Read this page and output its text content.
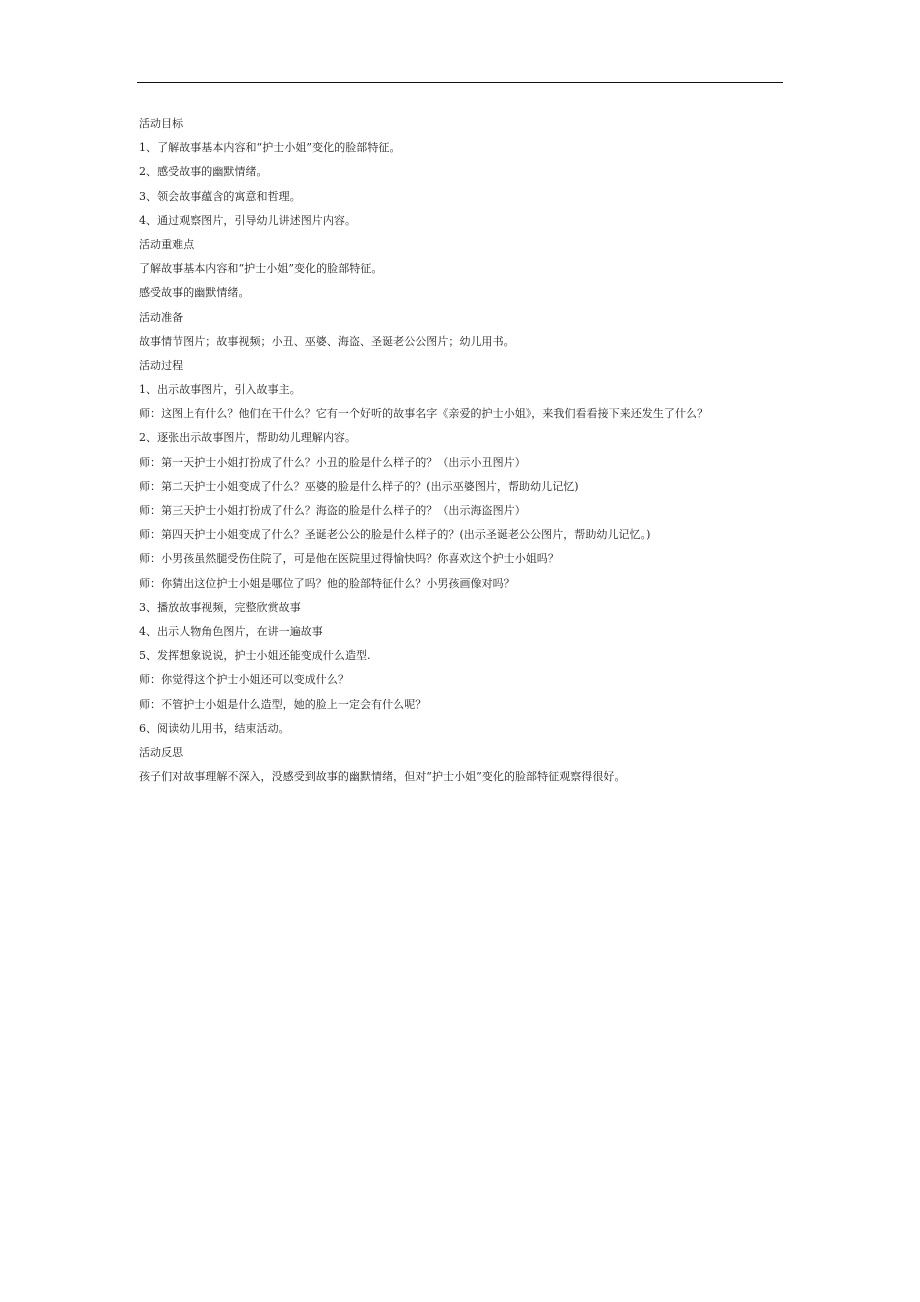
活动目标
1、了解故事基本内容和“护士小姐”变化的脸部特征。
2、感受故事的幽默情绪。
3、领会故事蕴含的寓意和哲理。
4、通过观察图片，引导幼儿讲述图片内容。
活动重难点
了解故事基本内容和“护士小姐”变化的脸部特征。
感受故事的幽默情绪。
活动准备
故事情节图片；故事视频；小丑、巫婆、海盗、圣诞老公公图片；幼儿用书。
活动过程
1、出示故事图片，引入故事主。
师：这图上有什么？他们在干什么？它有一个好听的故事名字《亲爱的护士小姐》，来我们看看接下来还发生了什么？
2、逐张出示故事图片，帮助幼儿理解内容。
师：第一天护士小姐打扮成了什么？小丑的脸是什么样子的？（出示小丑图片）
师：第二天护士小姐变成了什么？巫婆的脸是什么样子的？(出示巫婆图片，帮助幼儿记忆)
师：第三天护士小姐打扮成了什么？海盗的脸是什么样子的？（出示海盗图片）
师：第四天护士小姐变成了什么？圣诞老公公的脸是什么样子的？(出示圣诞老公公图片，帮助幼儿记忆。)
师：小男孩虽然腿受伤住院了，可是他在医院里过得愉快吗？你喜欢这个护士小姐吗？
师：你猜出这位护士小姐是哪位了吗？他的脸部特征什么？小男孩画像对吗？
3、播放故事视频，完整欣赏故事
4、出示人物角色图片，在讲一遍故事
5、发挥想象说说，护士小姐还能变成什么造型.
师：你觉得这个护士小姐还可以变成什么？
师：不管护士小姐是什么造型，她的脸上一定会有什么呢？
6、阅读幼儿用书，结束活动。
活动反思
孩子们对故事理解不深入，没感受到故事的幽默情绪，但对“护士小姐”变化的脸部特征观察得很好。
